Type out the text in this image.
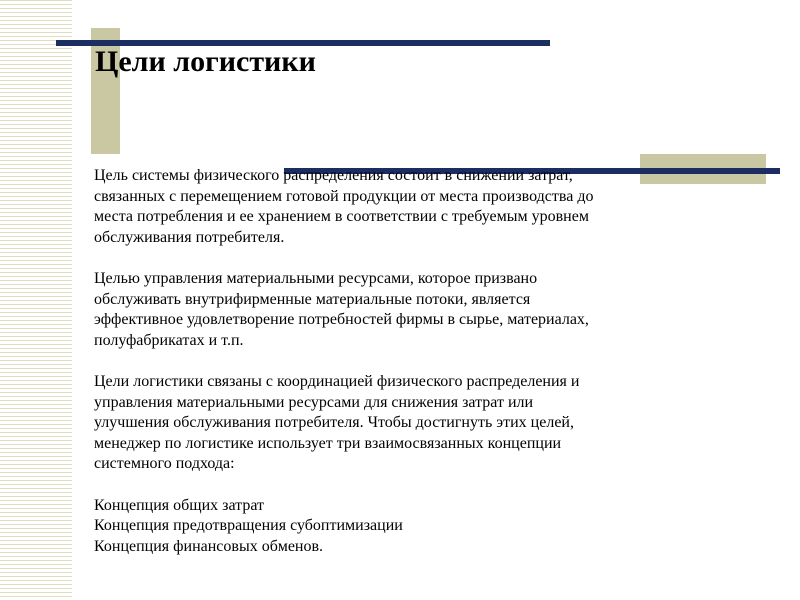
Цели логистики

Цель системы физического распределения состоит в снижении затрат,
связанных с перемещением готовой продукции от места производства до
места потребления и ее хранением в соответствии с требуемым уровнем
обслуживания потребителя.

Целью управления материальными ресурсами, которое призвано
обслуживать внутрифирменные материальные потоки, является
эффективное удовлетворение потребностей фирмы в сырье, материалах,
полуфабрикатах и т.п.

Цели логистики связаны с координацией физического распределения и
управления материальными ресурсами для снижения затрат или
улучшения обслуживания потребителя. Чтобы достигнуть этих целей,
менеджер по логистике использует три взаимосвязанных концепции
системного подхода:

Концепция общих затрат
Концепция предотвращения субоптимизации
Концепция финансовых обменов.
